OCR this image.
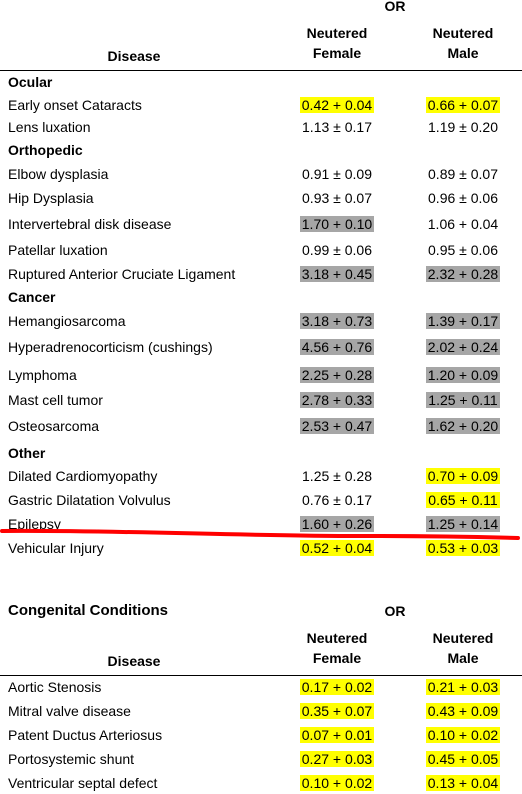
OR
Neutered
Female
Neutered
Male
Disease
Ocular
Early onset Cataracts	0.42 + 0.04	0.66 + 0.07
Lens luxation	1.13 ± 0.17	1.19 ± 0.20
Orthopedic
Elbow dysplasia	0.91 ± 0.09	0.89 ± 0.07
Hip Dysplasia	0.93 ± 0.07	0.96 ± 0.06
Intervertebral disk disease	1.70 + 0.10	1.06 + 0.04
Patellar luxation	0.99 ± 0.06	0.95 ± 0.06
Ruptured Anterior Cruciate Ligament	3.18 + 0.45	2.32 + 0.28
Cancer
Hemangiosarcoma	3.18 + 0.73	1.39 + 0.17
Hyperadrenocorticism (cushings)	4.56 + 0.76	2.02 + 0.24
Lymphoma	2.25 + 0.28	1.20 + 0.09
Mast cell tumor	2.78 + 0.33	1.25 + 0.11
Osteosarcoma	2.53 + 0.47	1.62 + 0.20
Other
Dilated Cardiomyopathy	1.25 ± 0.28	0.70 + 0.09
Gastric Dilatation Volvulus	0.76 ± 0.17	0.65 + 0.11
Epilepsy	1.60 + 0.26	1.25 + 0.14
Vehicular Injury	0.52 + 0.04	0.53 + 0.03
Congenital Conditions	OR
Neutered
Female
Neutered
Male
Disease
Aortic Stenosis	0.17 + 0.02	0.21 + 0.03
Mitral valve disease	0.35 + 0.07	0.43 + 0.09
Patent Ductus Arteriosus	0.07 + 0.01	0.10 + 0.02
Portosystemic shunt	0.27 + 0.03	0.45 + 0.05
Ventricular septal defect	0.10 + 0.02	0.13 + 0.04
